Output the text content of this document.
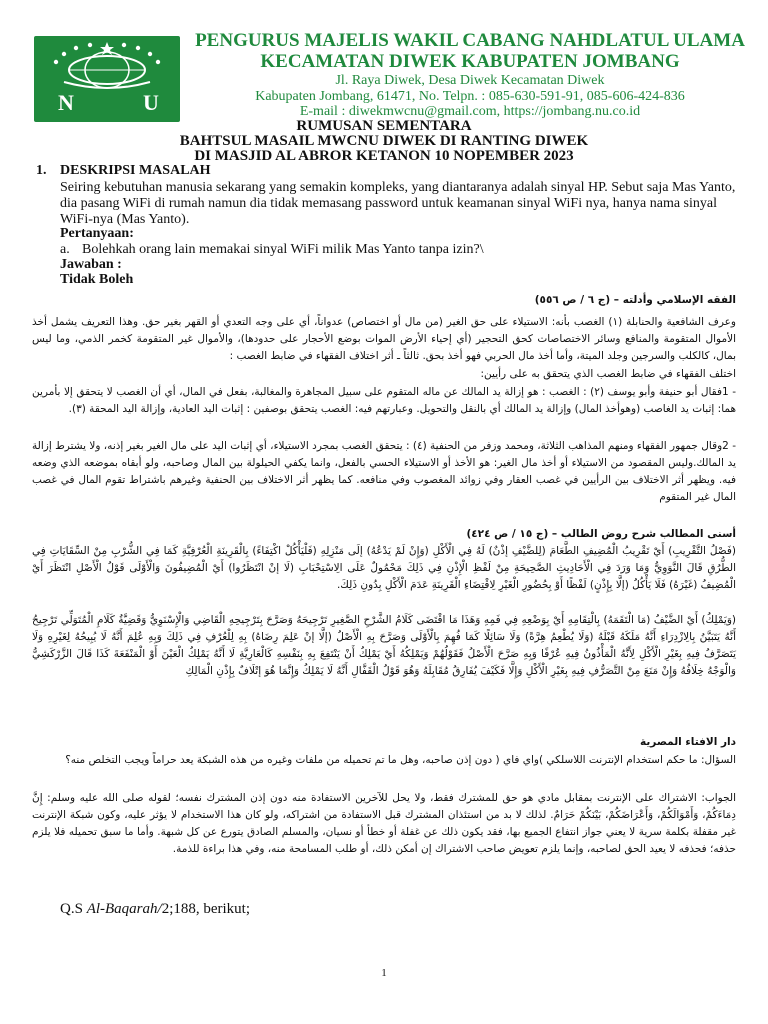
N	U
PENGURUS MAJELIS WAKIL CABANG NAHDLATUL ULAMA
KECAMATAN DIWEK KABUPATEN JOMBANG
Jl. Raya Diwek, Desa Diwek Kecamatan Diwek
Kabupaten Jombang, 61471, No. Telpn. : 085-630-591-91, 085-606-424-836
E-mail : diwekmwcnu@gmail.com, https://jombang.nu.co.id
RUMUSAN SEMENTARA
BAHTSUL MASAIL MWCNU DIWEK DI RANTING DIWEK
DI MASJID AL ABROR KETANON 10 NOPEMBER 2023
1. DESKRIPSI MASALAH
Seiring kebutuhan manusia sekarang yang semakin kompleks, yang diantaranya adalah sinyal HP. Sebut saja Mas Yanto, dia pasang WiFi di rumah namun dia tidak memasang password untuk keamanan sinyal WiFi nya, hanya nama sinyal WiFi-nya (Mas Yanto).
Pertanyaan:
a. Bolehkah orang lain memakai sinyal WiFi milik Mas Yanto tanpa izin?\
Jawaban :
Tidak Boleh
الفقه الإسلامي وأدلته – (ج ٦ / ص ٥٥٦)
وعرف الشافعية والحنابلة (١) الغصب بأنه: الاستيلاء على حق الغير (من مال أو اختصاص) عدواناً، أي على وجه التعدي أو القهر بغير حق. وهذا التعريف يشمل أخذ الأموال المتقومة والمنافع وسائر الاختصاصات كحق التحجير (أي إحياء الأرض الموات بوضع الأحجار على حدودها)، والأموال غير المتقومة كخمر الذمي، وما ليس بمال، كالكلب والسرجين وجلد الميتة، وأما أخذ مال الحربي فهو أخذ بحق. ثالثاً ـ أثر اختلاف الفقهاء في ضابط الغصب :
اختلف الفقهاء في ضابط الغصب الذي يتحقق به على رأيين:
- 1فقال أبو حنيفة وأبو يوسف (٢) : الغصب : هو إزالة يد المالك عن ماله المتقوم على سبيل المجاهرة والمغالبة، بفعل في المال، أي أن الغصب لا يتحقق إلا بأمرين هما: إثبات يد الغاصب (وهوأخذ المال) وإزالة يد المالك أي بالنقل والتحويل. وعبارتهم فيه: الغصب يتحقق بوصفين : إثبات اليد العادية، وإزالة اليد المحقة (٣).
- 2وقال جمهور الفقهاء ومنهم المذاهب الثلاثة، ومحمد وزفر من الحنفية (٤) : يتحقق الغصب بمجرد الاستيلاء، أي إثبات اليد على مال الغير بغير إذنه، ولا يشترط إزالة يد المالك.وليس المقصود من الاستيلاء أو أخذ مال الغير: هو الأخذ أو الاستيلاء الحسي بالفعل، وانما يكفي الحيلولة بين المال وصاحبه، ولو أبقاه بموضعه الذي وضعه فيه. ويظهر أثر الاختلاف بين الرأيين في غصب العقار وفي زوائد المغصوب وفي منافعه. كما يظهر أثر الاختلاف بين الحنفية وغيرهم باشتراط تقوم المال في غصب المال غير المتقوم
أسنى المطالب شرح روض الطالب – (ج ١٥ / ص ٤٢٤)
(فَصْلُ التَّقْرِيبِ) أَيْ تَقْرِيبُ الْمُضِيفِ الطَّعَامَ (لِلضَّيْفِ إذْنٌ) لَهُ فِي الْأَكْلِ (وَإِنْ لَمْ يَدْعُهُ) إلَى مَنْزِلِهِ (فَلْيَأْكُلْ اكْتِفَاءً) بِالْقَرِينَةِ الْعُرْفِيَّةِ كَمَا فِي الشُّرْبِ مِنْ السِّقَايَاتِ فِي الطُّرُقِ قَالَ النَّوَوِيُّ وَمَا وَرَدَ فِي الْأَحَادِيثِ الصَّحِيحَةِ مِنْ لَفْظِ الْإِذْنِ فِي ذَلِكَ مَحْمُولٌ عَلَى الِاسْتِحْبَابِ (لَا إنْ انْتَظَرُوا) أَيْ الْمُضِيفُونَ وَالْأَوْلَى قَوْلُ الْأَصْلِ انْتَظَرَ أَيْ الْمُضِيفُ (غَيْرَهُ) فَلَا يَأْكُلُ (إلَّا بِإِذْنٍ) لَفْظًا أَوْ بِحُضُورِ الْغَيْرِ لِاقْتِضَاءِ الْقَرِينَةِ عَدَمَ الْأَكْلِ بِدُونِ ذَلِكَ.
(وَيَمْلِكُ) أَيْ الضَّيْفُ (مَا الْتَقَمَهُ) بِالْتِقَامِهِ أَيْ بِوَضْعِهِ فِي فَمِهِ وَهَذَا مَا اقْتَضَى كَلَامُ الشَّرْحِ الصَّغِيرِ تَرْجِيحَهُ وَصَرَّحَ بِتَرْجِيحِهِ الْقَاضِي وَالْإِسْنَوِيُّ وَقَضِيَّةُ كَلَامِ الْمُتَوَلِّي تَرْجِيحُ أَنَّهُ يَتَبَيَّنُ بِالِازْدِرَاءِ أَنَّهُ مَلَكَهُ قَبْلَهُ (وَلَا يُطْعِمُ هِرَّةً) وَلَا سَائِلًا كَمَا فُهِمَ بِالْأَوْلَى وَصَرَّحَ بِهِ الْأَصْلُ (إلَّا إنْ عَلِمَ رِضَاهُ) بِهِ لِلْعُرْفِ فِي ذَلِكَ وَبِهِ عُلِمَ أَنَّهُ لَا يُبِيحُهُ لِغَيْرِهِ وَلَا يَتَصَرَّفُ فِيهِ بِغَيْرِ الْأَكْلِ لِأَنَّهُ الْمَأْذُونُ فِيهِ عُرْفًا وَبِهِ صَرَّحَ الْأَصْلُ فَقَوْلُهُمْ وَيَمْلِكُهُ أَيْ يَمْلِكُ أَنْ يَنْتَفِعَ بِهِ بِنَفْسِهِ كَالْعَارِيَّةِ لَا أَنَّهُ يَمْلِكُ الْعَيْنَ أَوْ الْمَنْفَعَةَ كَذَا قَالَ الزَّرْكَشِيُّ وَالْوَجْهُ خِلَافُهُ وَإِنْ مَنَعَ مِنْ التَّصَرُّفِ فِيهِ بِغَيْرِ الْأَكْلِ وَإِلَّا فَكَيْفَ يُفَارِقُ مُقَابِلَهُ وَهُوَ قَوْلُ الْقَفَّالِ أَنَّهُ لَا يَمْلِكُ وَإِنَّمَا هُوَ إتْلَافٌ بِإِذْنِ الْمَالِكِ
دار الافتاء المصرية
السؤال: ما حكم استخدام الإنترنت اللاسلكي )واي فاي ( دون إذن صاحبه، وهل ما تم تحميله من ملفات وغيره من هذه الشبكة يعد حراماً ويجب التخلص منه؟
الجواب: الاشتراك على الإنترنت بمقابل مادي هو حق للمشترك فقط، ولا يحل للآخرين الاستفادة منه دون إذن المشترك نفسه؛ لقوله صلى الله عليه وسلم: إِنَّ دِمَاءَكُمْ، وَأَمْوَالَكُمْ، وَأَعْرَاضَكُمْ، بَيْنَكُمْ حَرَامٌ. لذلك لا بد من استئذان المشترك قبل الاستفادة من اشتراكه، ولو كان هذا الاستخدام لا يؤثر عليه، وكون شبكة الإنترنت غير مقفلة بكلمة سرية لا يعني جواز انتفاع الجميع بها، فقد يكون ذلك عن غفلة أو خطأ أو نسيان، والمسلم الصادق يتورع عن كل شبهة. وأما ما سبق تحميله فلا يلزم حذفه؛ فحذفه لا يعيد الحق لصاحبه، وإنما يلزم تعويض صاحب الاشتراك إن أمكن ذلك، أو طلب المسامحة منه، وفي هذا براءة للذمة.
Q.S Al-Baqarah/2;188, berikut;
1
